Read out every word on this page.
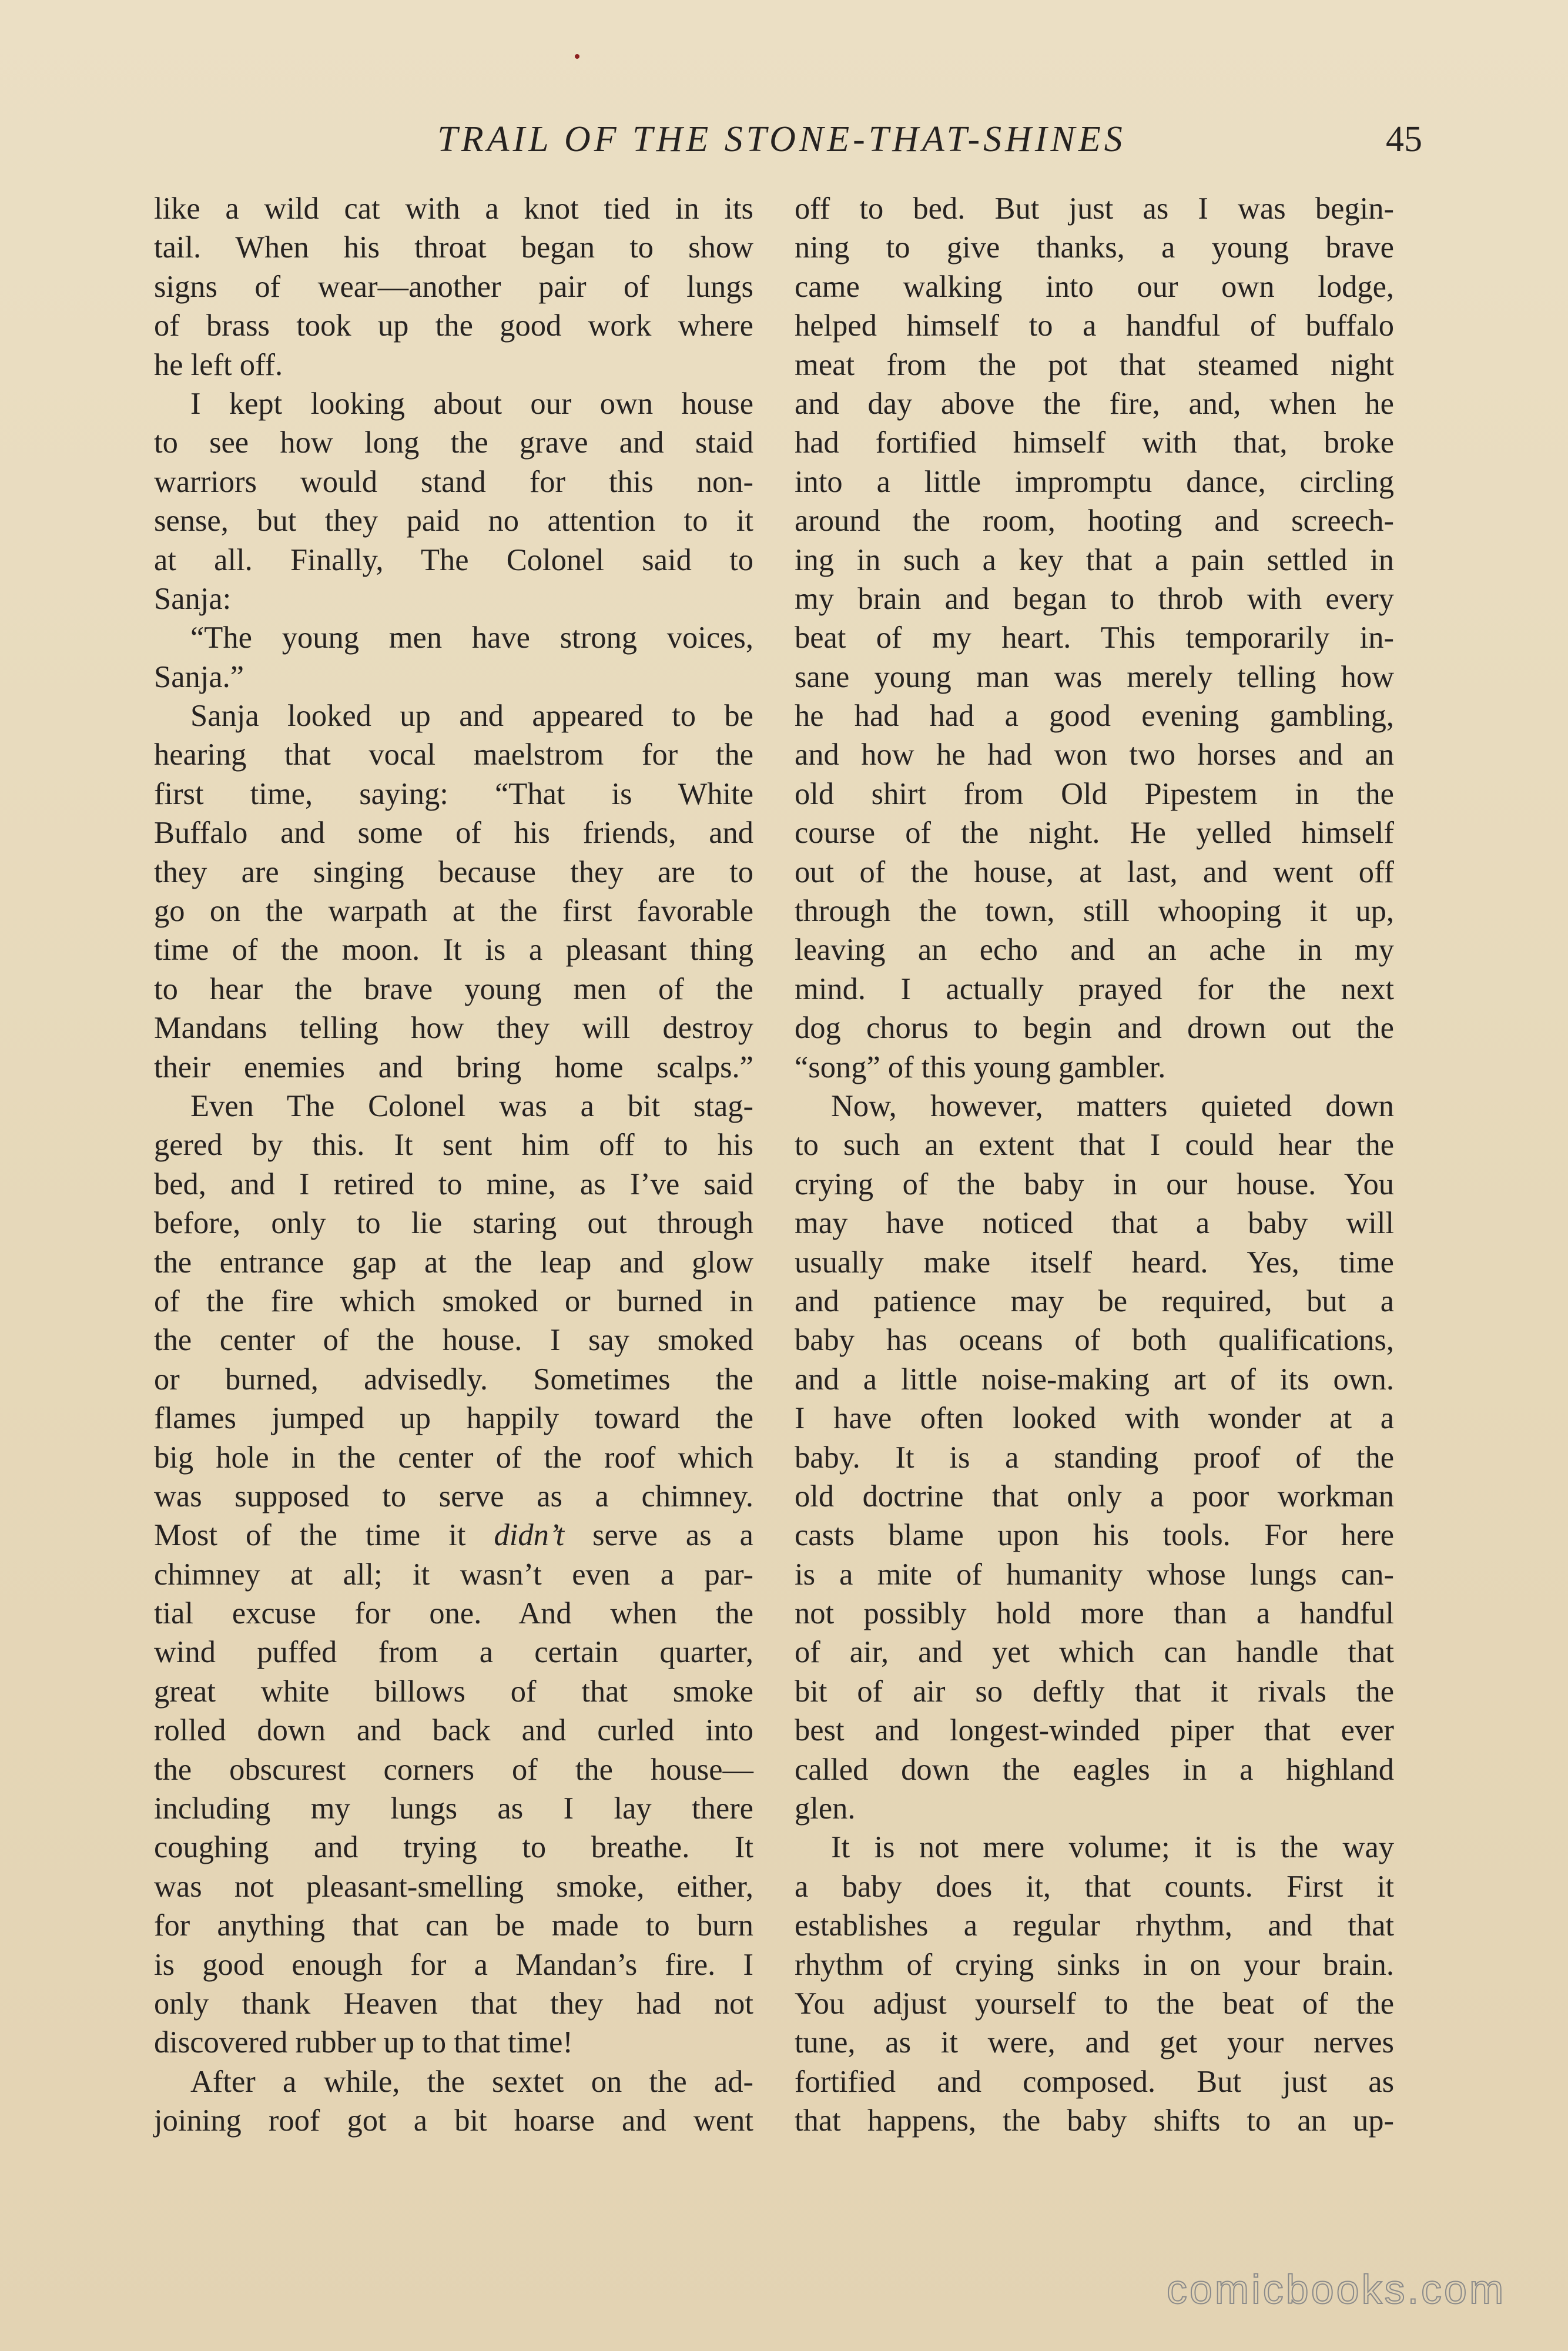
TRAIL OF THE STONE-THAT-SHINES	45
like a wild cat with a knot tied in its
tail. When his throat began to show
signs of wear—another pair of lungs
of brass took up the good work where
he left off.
I kept looking about our own house
to see how long the grave and staid
warriors would stand for this non-
sense, but they paid no attention to it
at all. Finally, The Colonel said to
Sanja:
“The young men have strong voices,
Sanja.”
Sanja looked up and appeared to be
hearing that vocal maelstrom for the
first time, saying: “That is White
Buffalo and some of his friends, and
they are singing because they are to
go on the warpath at the first favorable
time of the moon. It is a pleasant thing
to hear the brave young men of the
Mandans telling how they will destroy
their enemies and bring home scalps.”
Even The Colonel was a bit stag-
gered by this. It sent him off to his
bed, and I retired to mine, as I’ve said
before, only to lie staring out through
the entrance gap at the leap and glow
of the fire which smoked or burned in
the center of the house. I say smoked
or burned, advisedly. Sometimes the
flames jumped up happily toward the
big hole in the center of the roof which
was supposed to serve as a chimney.
Most of the time it didn’t serve as a
chimney at all; it wasn’t even a par-
tial excuse for one. And when the
wind puffed from a certain quarter,
great white billows of that smoke
rolled down and back and curled into
the obscurest corners of the house—
including my lungs as I lay there
coughing and trying to breathe. It
was not pleasant-smelling smoke, either,
for anything that can be made to burn
is good enough for a Mandan’s fire. I
only thank Heaven that they had not
discovered rubber up to that time!
After a while, the sextet on the ad-
joining roof got a bit hoarse and went
off to bed. But just as I was begin-
ning to give thanks, a young brave
came walking into our own lodge,
helped himself to a handful of buffalo
meat from the pot that steamed night
and day above the fire, and, when he
had fortified himself with that, broke
into a little impromptu dance, circling
around the room, hooting and screech-
ing in such a key that a pain settled in
my brain and began to throb with every
beat of my heart. This temporarily in-
sane young man was merely telling how
he had had a good evening gambling,
and how he had won two horses and an
old shirt from Old Pipestem in the
course of the night. He yelled himself
out of the house, at last, and went off
through the town, still whooping it up,
leaving an echo and an ache in my
mind. I actually prayed for the next
dog chorus to begin and drown out the
“song” of this young gambler.
Now, however, matters quieted down
to such an extent that I could hear the
crying of the baby in our house. You
may have noticed that a baby will
usually make itself heard. Yes, time
and patience may be required, but a
baby has oceans of both qualifications,
and a little noise-making art of its own.
I have often looked with wonder at a
baby. It is a standing proof of the
old doctrine that only a poor workman
casts blame upon his tools. For here
is a mite of humanity whose lungs can-
not possibly hold more than a handful
of air, and yet which can handle that
bit of air so deftly that it rivals the
best and longest-winded piper that ever
called down the eagles in a highland
glen.
It is not mere volume; it is the way
a baby does it, that counts. First it
establishes a regular rhythm, and that
rhythm of crying sinks in on your brain.
You adjust yourself to the beat of the
tune, as it were, and get your nerves
fortified and composed. But just as
that happens, the baby shifts to an up-
comicbooks.com
